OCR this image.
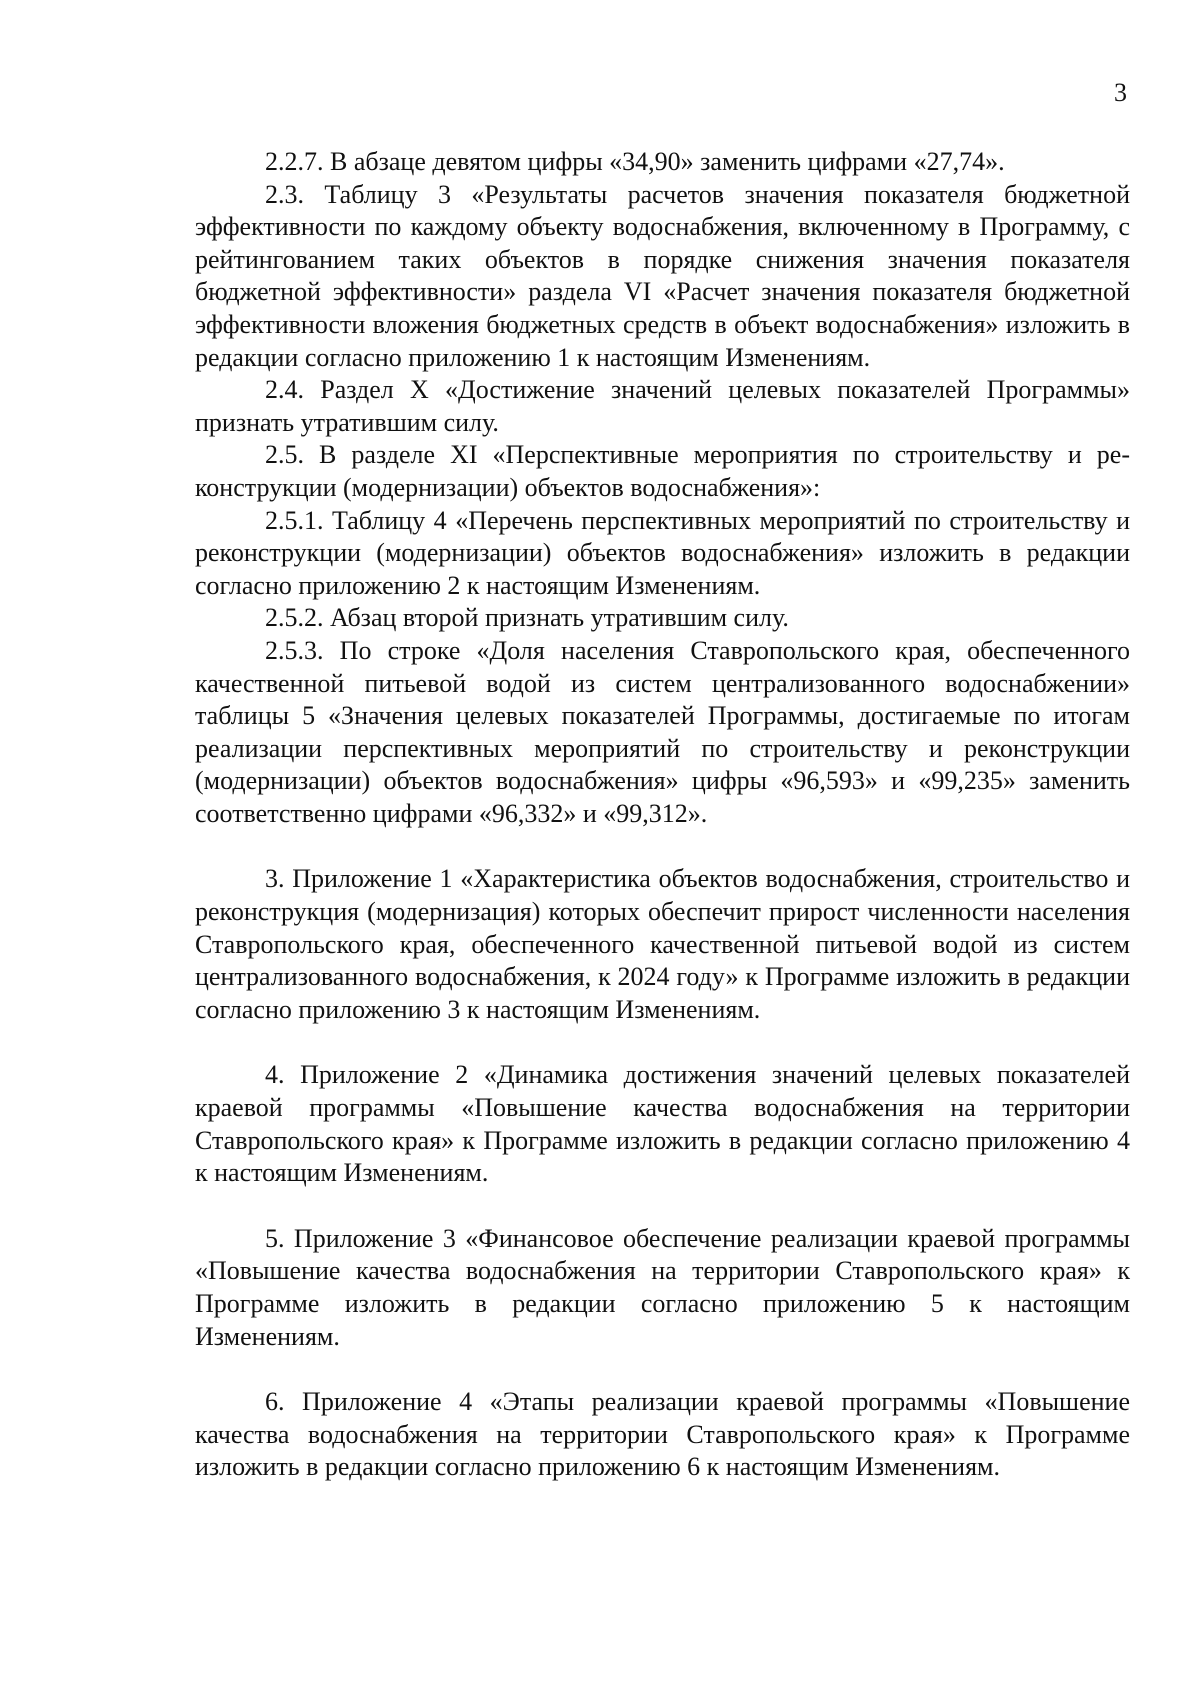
3

2.2.7. В абзаце девятом цифры «34,90» заменить цифрами «27,74».

2.3. Таблицу 3 «Результаты расчетов значения показателя бюджетной эффективности по каждому объекту водоснабжения, включенному в Программу, с рейтингованием таких объектов в порядке снижения значения показателя бюджетной эффективности» раздела VI «Расчет значения показателя бюджетной эффективности вложения бюджетных средств в объект водоснабжения» изложить в редакции согласно приложению 1 к настоящим Изменениям.

2.4. Раздел X «Достижение значений целевых показателей Программы» признать утратившим силу.

2.5. В разделе XI «Перспективные мероприятия по строительству и реконструкции (модернизации) объектов водоснабжения»:

2.5.1. Таблицу 4 «Перечень перспективных мероприятий по строительству и реконструкции (модернизации) объектов водоснабжения» изложить в редакции согласно приложению 2 к настоящим Изменениям.

2.5.2. Абзац второй признать утратившим силу.

2.5.3. По строке «Доля населения Ставропольского края, обеспеченного качественной питьевой водой из систем централизованного водоснабжении» таблицы 5 «Значения целевых показателей Программы, достигаемые по итогам реализации перспективных мероприятий по строительству и реконструкции (модернизации) объектов водоснабжения» цифры «96,593» и «99,235» заменить соответственно цифрами «96,332» и «99,312».

3. Приложение 1 «Характеристика объектов водоснабжения, строительство и реконструкция (модернизация) которых обеспечит прирост численности населения Ставропольского края, обеспеченного качественной питьевой водой из систем централизованного водоснабжения, к 2024 году» к Программе изложить в редакции согласно приложению 3 к настоящим Изменениям.

4. Приложение 2 «Динамика достижения значений целевых показателей краевой программы «Повышение качества водоснабжения на территории Ставропольского края» к Программе изложить в редакции согласно приложению 4 к настоящим Изменениям.

5. Приложение 3 «Финансовое обеспечение реализации краевой программы «Повышение качества водоснабжения на территории Ставропольского края» к Программе изложить в редакции согласно приложению 5 к настоящим Изменениям.

6. Приложение 4 «Этапы реализации краевой программы «Повышение качества водоснабжения на территории Ставропольского края» к Программе изложить в редакции согласно приложению 6 к настоящим Изменениям.
